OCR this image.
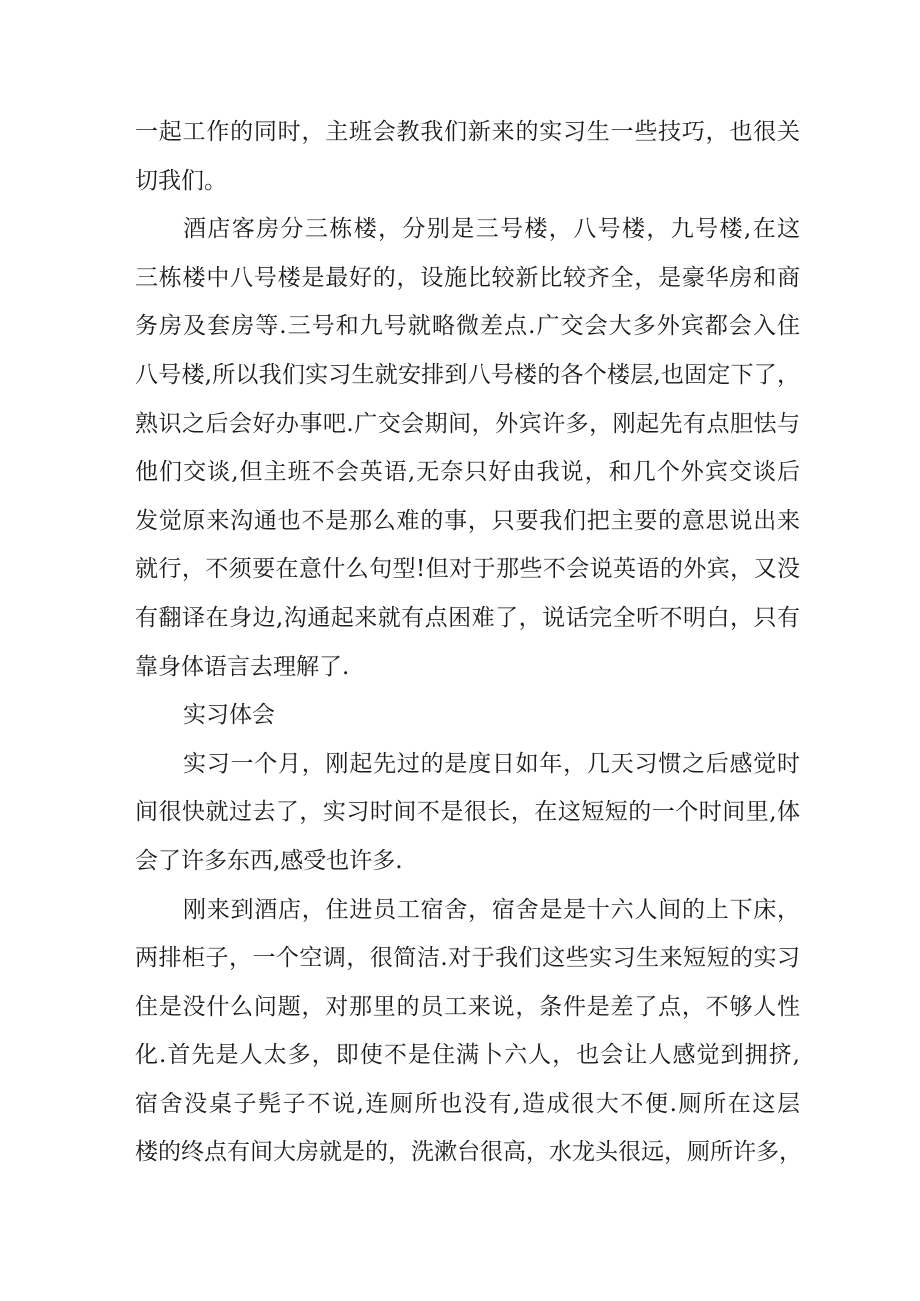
一起工作的同时，主班会教我们新来的实习生一些技巧，也很关
切我们。
酒店客房分三栋楼，分别是三号楼，八号楼，九号楼,在这
三栋楼中八号楼是最好的，设施比较新比较齐全，是豪华房和商
务房及套房等.三号和九号就略微差点.广交会大多外宾都会入住
八号楼,所以我们实习生就安排到八号楼的各个楼层,也固定下了，
熟识之后会好办事吧.广交会期间，外宾许多，刚起先有点胆怯与
他们交谈,但主班不会英语,无奈只好由我说，和几个外宾交谈后
发觉原来沟通也不是那么难的事，只要我们把主要的意思说出来
就行，不须要在意什么句型!但对于那些不会说英语的外宾，又没
有翻译在身边,沟通起来就有点困难了，说话完全听不明白，只有
靠身体语言去理解了.
实习体会
实习一个月，刚起先过的是度日如年，几天习惯之后感觉时
间很快就过去了，实习时间不是很长，在这短短的一个时间里,体
会了许多东西,感受也许多.
刚来到酒店，住进员工宿舍，宿舍是是十六人间的上下床，
两排柜子，一个空调，很简洁.对于我们这些实习生来短短的实习
住是没什么问题，对那里的员工来说，条件是差了点，不够人性
化.首先是人太多，即使不是住满卜六人，也会让人感觉到拥挤,
宿舍没桌子髡子不说,连厕所也没有,造成很大不便.厕所在这层
楼的终点有间大房就是的，洗漱台很高，水龙头很远，厕所许多，
